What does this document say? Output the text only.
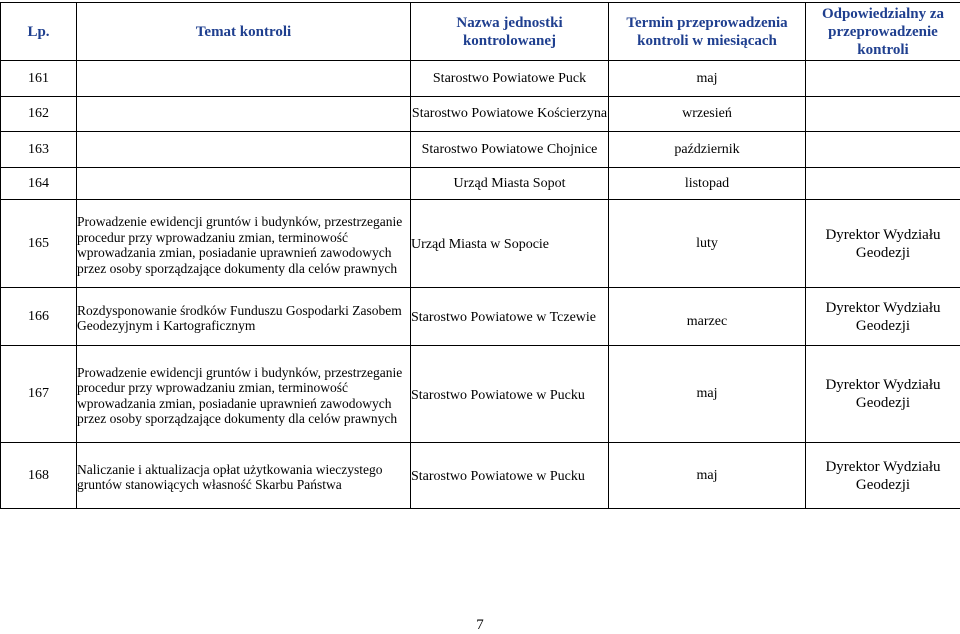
Lp.	Temat kontroli	Nazwa jednostki kontrolowanej	Termin przeprowadzenia kontroli w miesiącach	Odpowiedzialny za przeprowadzenie kontroli
161		Starostwo Powiatowe Puck	maj	
162		Starostwo Powiatowe Kościerzyna	wrzesień	
163		Starostwo Powiatowe Chojnice	październik	
164		Urząd Miasta Sopot	listopad	
165	Prowadzenie ewidencji gruntów i budynków, przestrzeganie procedur przy wprowadzaniu zmian, terminowość wprowadzania zmian, posiadanie uprawnień zawodowych przez osoby sporządzające dokumenty dla celów prawnych	Urząd Miasta w Sopocie	luty	Dyrektor Wydziału Geodezji

166	Rozdysponowanie środków Funduszu Gospodarki Zasobem Geodezyjnym i Kartograficznym	Starostwo Powiatowe w Tczewie	marzec	Dyrektor Wydziału Geodezji

167	Prowadzenie ewidencji gruntów i budynków, przestrzeganie procedur przy wprowadzaniu zmian, terminowość wprowadzania zmian, posiadanie uprawnień zawodowych przez osoby sporządzające dokumenty dla celów prawnych	Starostwo Powiatowe w Pucku	maj	Dyrektor Wydziału Geodezji

168	Naliczanie i aktualizacja opłat użytkowania wieczystego gruntów stanowiących własność Skarbu Państwa	Starostwo Powiatowe w Pucku	maj	Dyrektor Wydziału Geodezji
7
